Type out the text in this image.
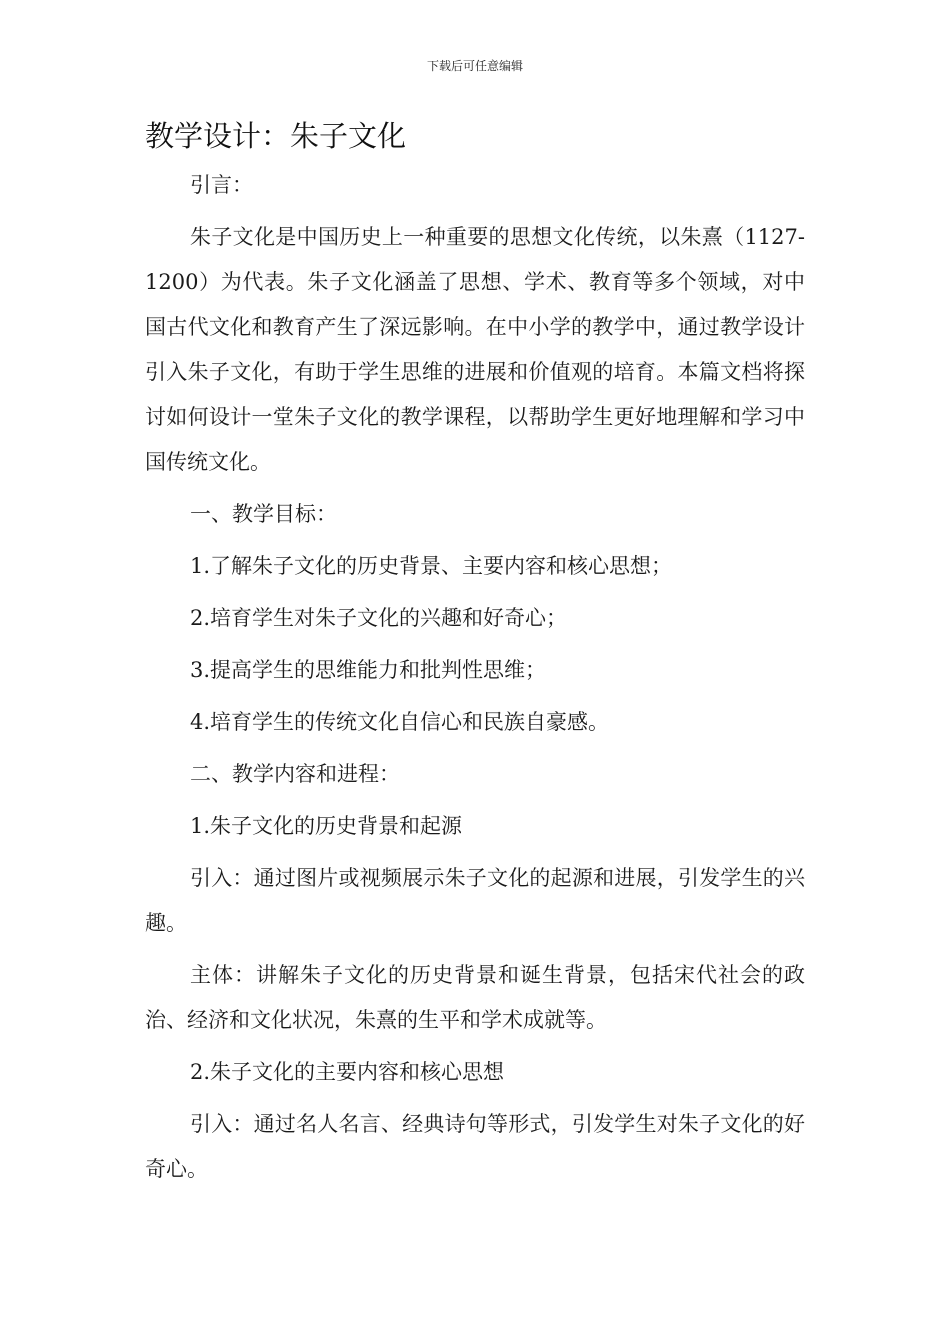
下载后可任意编辑
教学设计：朱子文化

引言：

朱子文化是中国历史上一种重要的思想文化传统，以朱熹（1127-1200）为代表。朱子文化涵盖了思想、学术、教育等多个领域，对中国古代文化和教育产生了深远影响。在中小学的教学中，通过教学设计引入朱子文化，有助于学生思维的进展和价值观的培育。本篇文档将探讨如何设计一堂朱子文化的教学课程，以帮助学生更好地理解和学习中国传统文化。

一、教学目标：

1.了解朱子文化的历史背景、主要内容和核心思想；

2.培育学生对朱子文化的兴趣和好奇心；

3.提高学生的思维能力和批判性思维；

4.培育学生的传统文化自信心和民族自豪感。

二、教学内容和进程：

1.朱子文化的历史背景和起源

引入：通过图片或视频展示朱子文化的起源和进展，引发学生的兴趣。

主体：讲解朱子文化的历史背景和诞生背景，包括宋代社会的政治、经济和文化状况，朱熹的生平和学术成就等。

2.朱子文化的主要内容和核心思想

引入：通过名人名言、经典诗句等形式，引发学生对朱子文化的好奇心。
